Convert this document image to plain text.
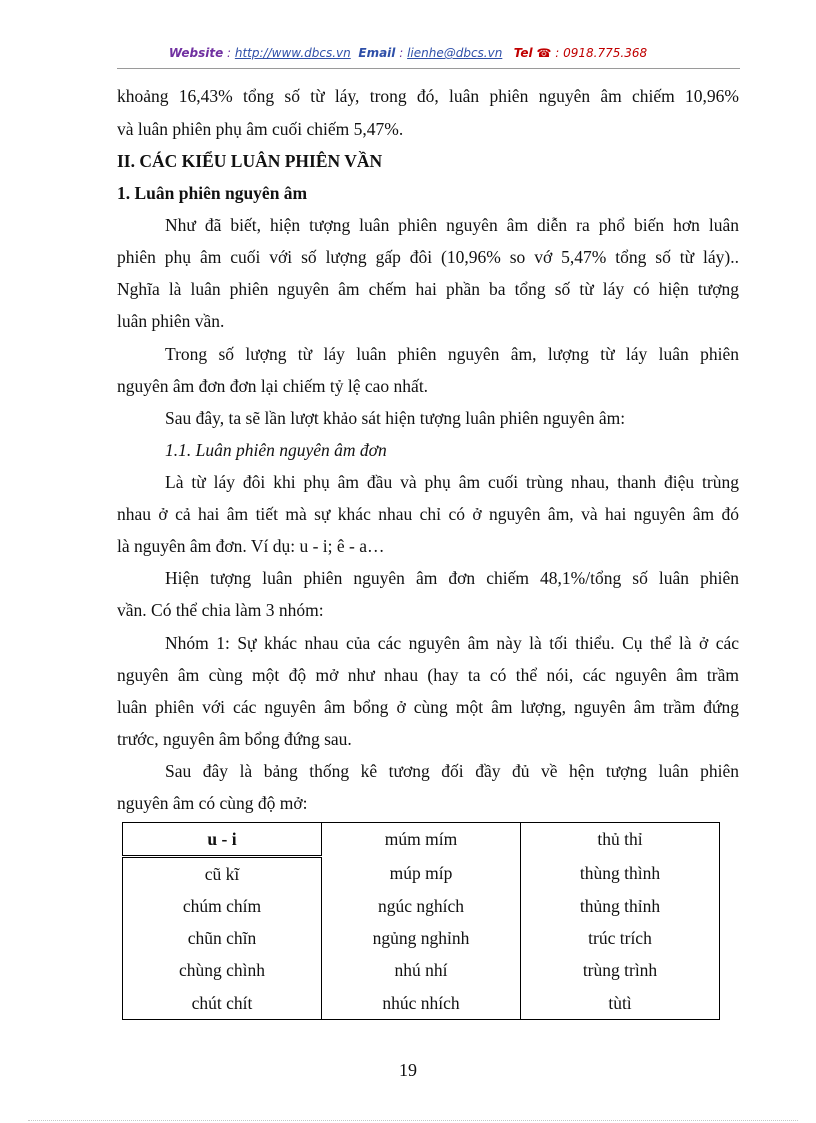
Website : http://www.dbcs.vn Email : lienhe@dbcs.vn Tel ☎ : 0918.775.368
khoảng 16,43% tổng số từ láy, trong đó, luân phiên nguyên âm chiếm 10,96%
và luân phiên phụ âm cuối chiếm 5,47%.
II. CÁC KIỂU LUÂN PHIÊN VẦN
1. Luân phiên nguyên âm
Như đã biết, hiện tượng luân phiên nguyên âm diễn ra phổ biến hơn luân
phiên phụ âm cuối với số lượng gấp đôi (10,96% so vớ 5,47% tổng số từ láy)..
Nghĩa là luân phiên nguyên âm chếm hai phần ba tổng số từ láy có hiện tượng
luân phiên vần.
Trong số lượng từ láy luân phiên nguyên âm, lượng từ láy luân phiên
nguyên âm đơn đơn lại chiếm tỷ lệ cao nhất.
Sau đây, ta sẽ lần lượt khảo sát hiện tượng luân phiên nguyên âm:
1.1. Luân phiên nguyên âm đơn
Là từ láy đôi khi phụ âm đầu và phụ âm cuối trùng nhau, thanh điệu trùng
nhau ở cả hai âm tiết mà sự khác nhau chỉ có ở nguyên âm, và hai nguyên âm đó
là nguyên âm đơn. Ví dụ: u - i; ê - a…
Hiện tượng luân phiên nguyên âm đơn chiếm 48,1%/tổng số luân phiên
vần. Có thể chia làm 3 nhóm:
Nhóm 1: Sự khác nhau của các nguyên âm này là tối thiểu. Cụ thể là ở các
nguyên âm cùng một độ mở như nhau (hay ta có thể nói, các nguyên âm trầm
luân phiên với các nguyên âm bổng ở cùng một âm lượng, nguyên âm trầm đứng
trước, nguyên âm bổng đứng sau.
Sau đây là bảng thống kê tương đối đầy đủ về hện tượng luân phiên
nguyên âm có cùng độ mở:
u - i	múm mím	thủ thỉ
cũ kĩ	múp míp	thùng thình
chúm chím	ngúc nghích	thủng thỉnh
chũn chĩn	ngủng nghỉnh	trúc trích
chùng chình	nhú nhí	trùng trình
chút chít	nhúc nhích	tùtì
19
